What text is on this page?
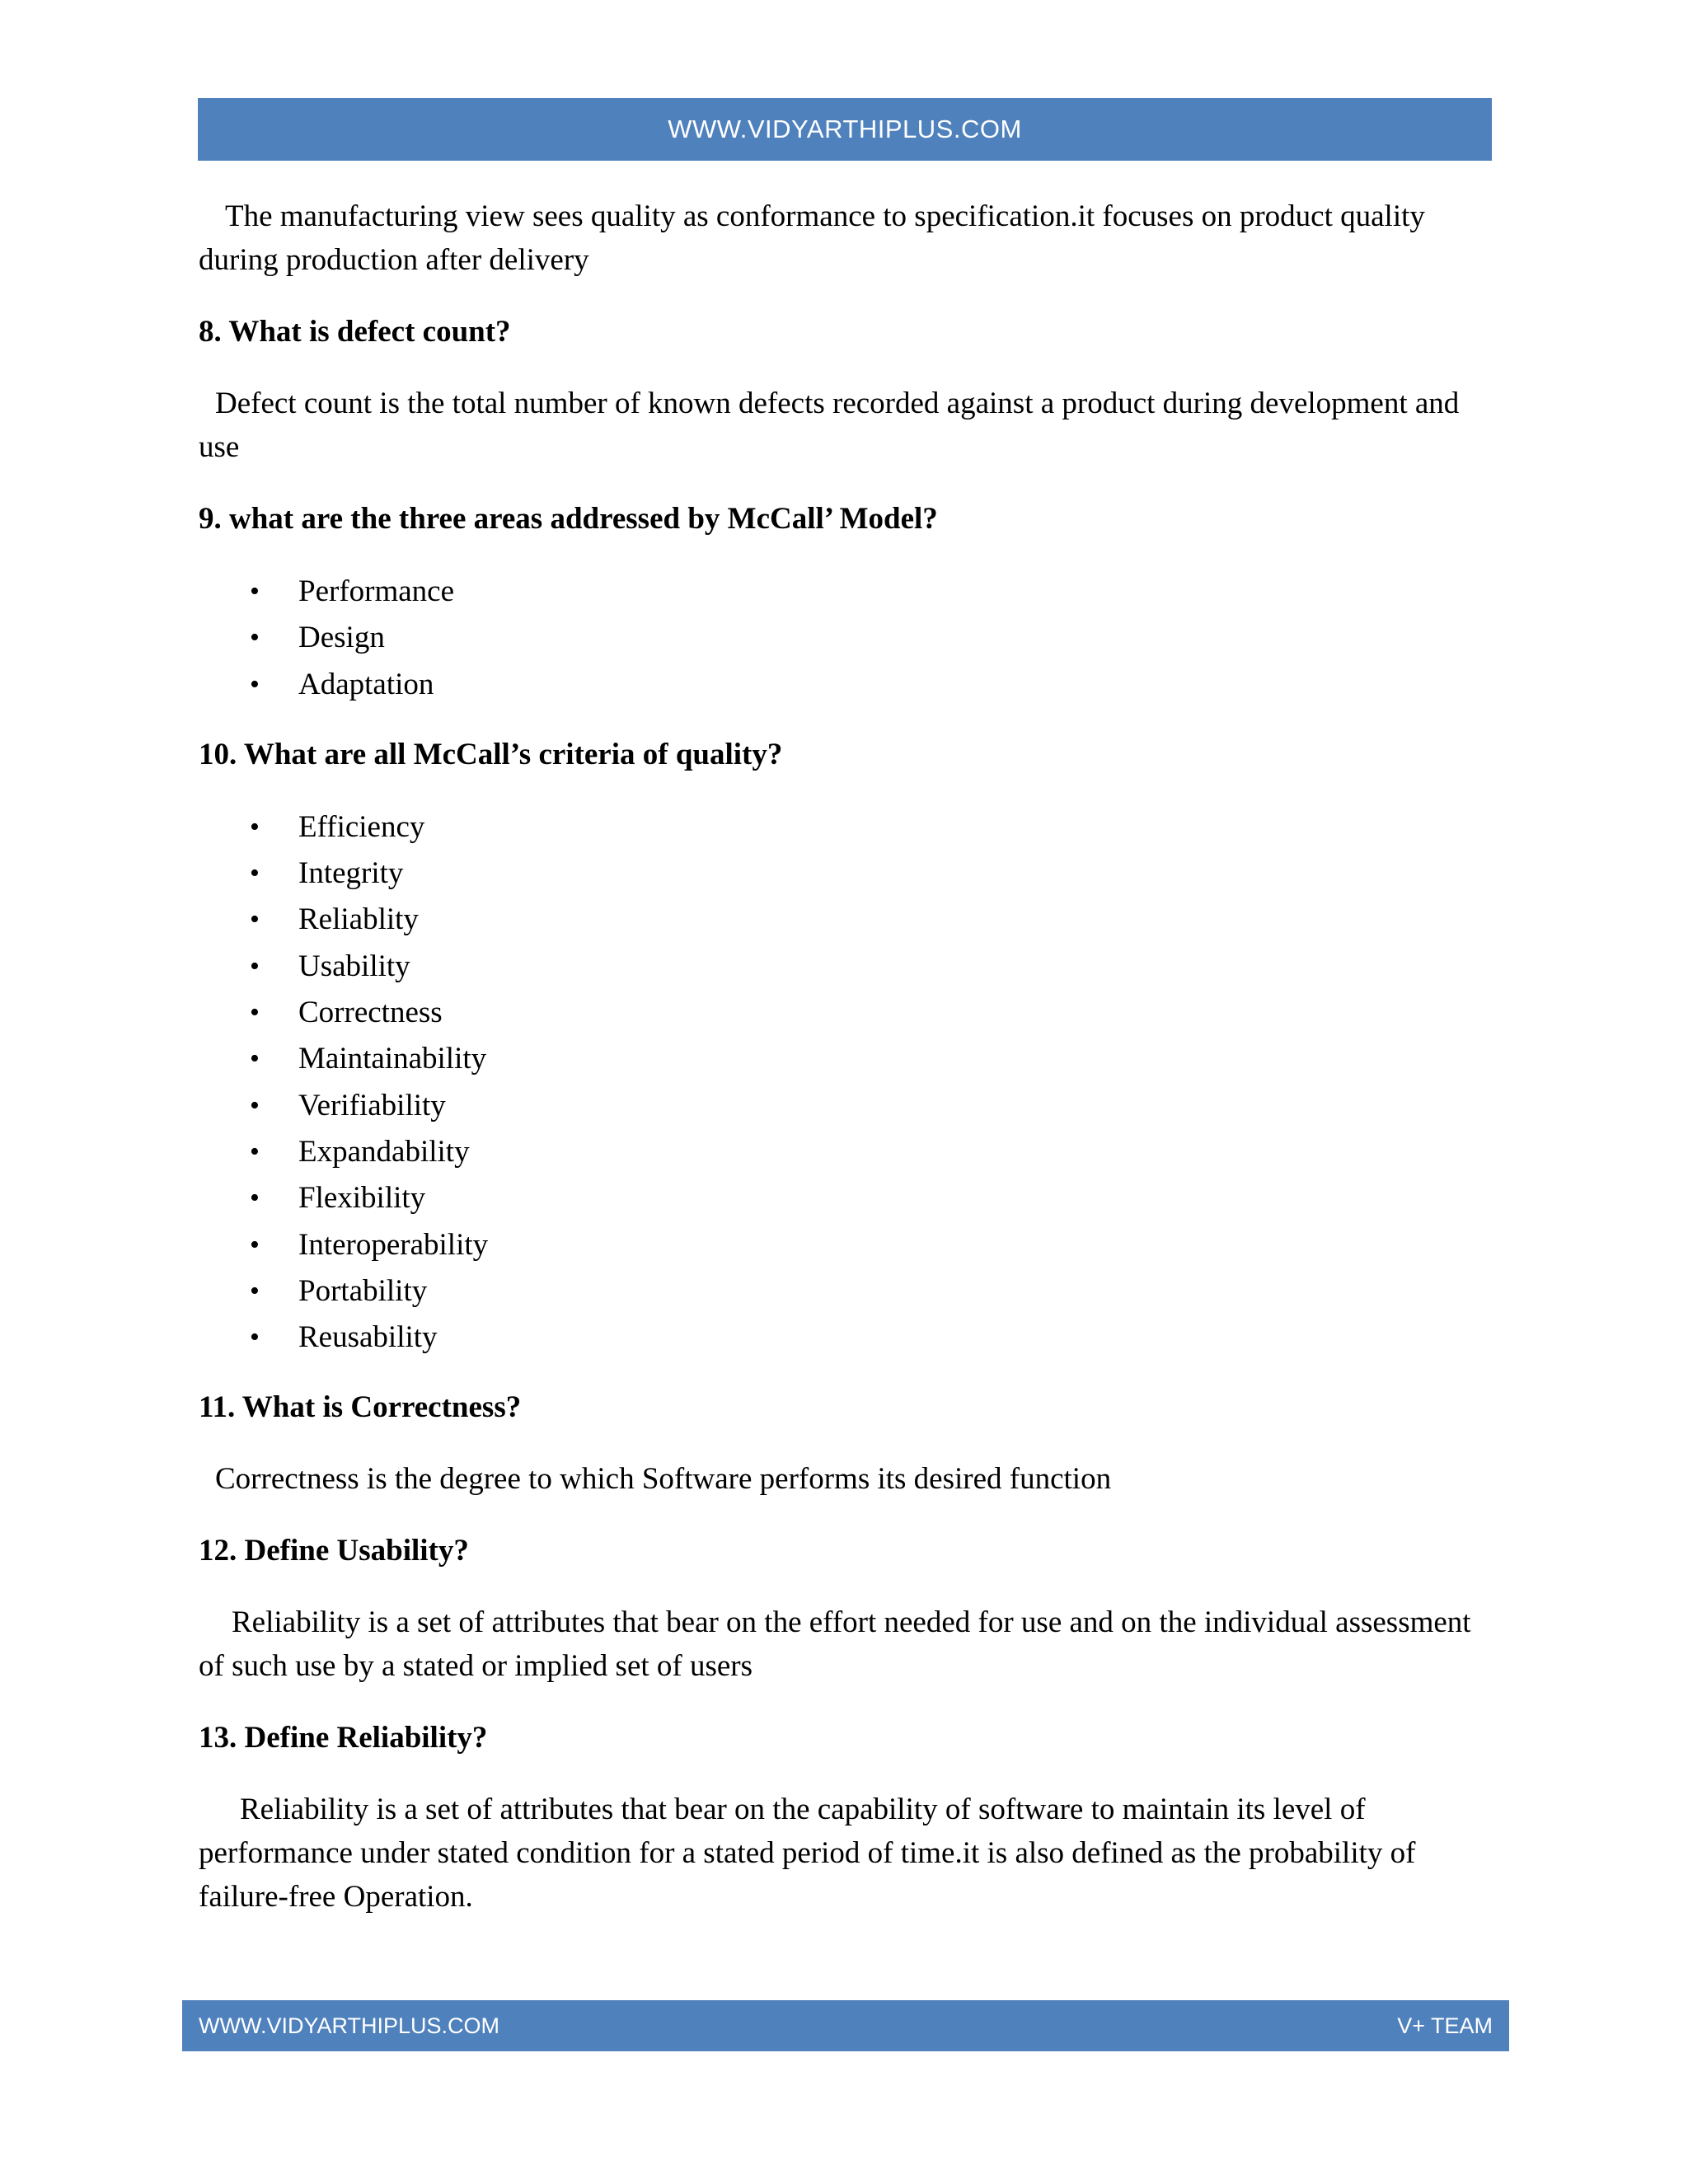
WWW.VIDYARTHIPLUS.COM

The manufacturing view sees quality as conformance to specification.it focuses on product quality during production after delivery

8. What is defect count?

Defect count is the total number of known defects recorded against a product during development and use

9. what are the three areas addressed by McCall’ Model?

• Performance
• Design
• Adaptation

10. What are all McCall’s criteria of quality?

• Efficiency
• Integrity
• Reliablity
• Usability
• Correctness
• Maintainability
• Verifiability
• Expandability
• Flexibility
• Interoperability
• Portability
• Reusability

11. What is Correctness?

Correctness is the degree to which Software performs its desired function

12. Define Usability?

Reliability is a set of attributes that bear on the effort needed for use and on the individual assessment of such use by a stated or implied set of users

13. Define Reliability?

Reliability is a set of attributes that bear on the capability of software to maintain its level of performance under stated condition for a stated period of time.it is also defined as the probability of failure-free Operation.

WWW.VIDYARTHIPLUS.COM	V+ TEAM
